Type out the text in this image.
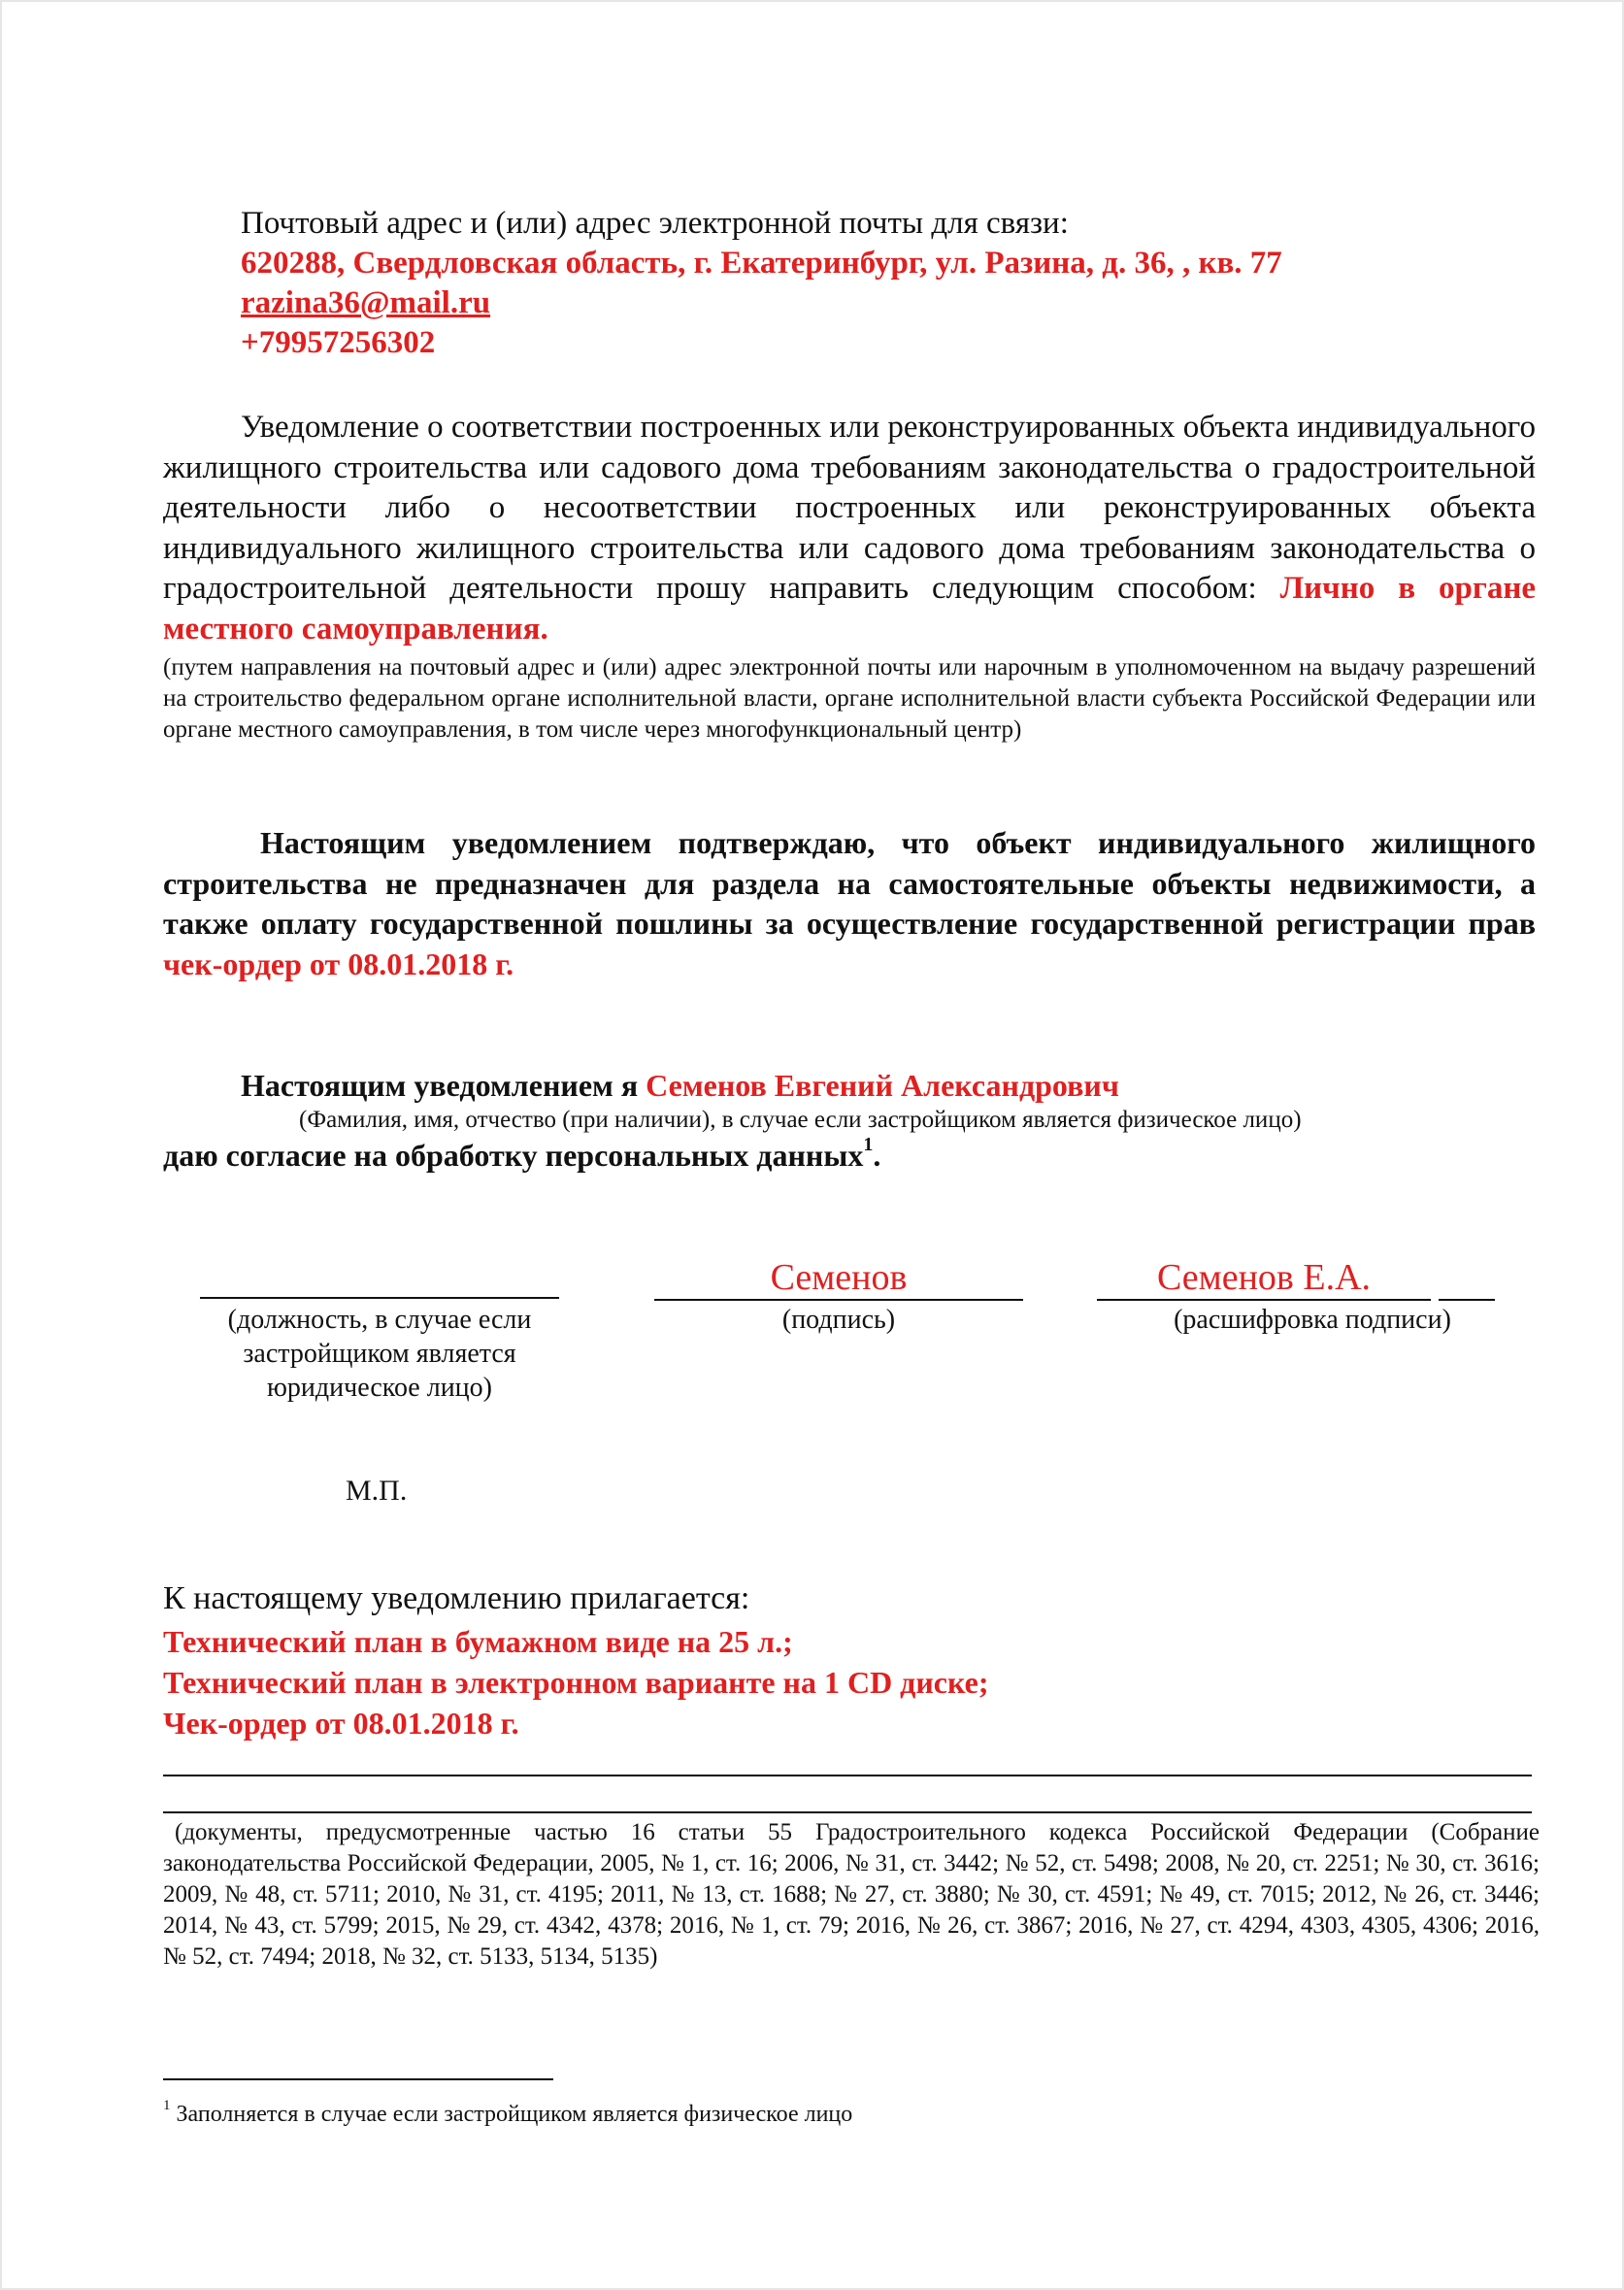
Почтовый адрес и (или) адрес электронной почты для связи:
620288, Свердловская область, г. Екатеринбург, ул. Разина, д. 36, , кв. 77
razina36@mail.ru
+79957256302
Уведомление о соответствии построенных или реконструированных объекта индивидуального жилищного строительства или садового дома требованиям законодательства о градостроительной деятельности либо о несоответствии построенных или реконструированных объекта индивидуального жилищного строительства или садового дома требованиям законодательства о градостроительной деятельности прошу направить следующим способом: Лично в органе местного самоуправления.
(путем направления на почтовый адрес и (или) адрес электронной почты или нарочным в уполномоченном на выдачу разрешений на строительство федеральном органе исполнительной власти, органе исполнительной власти субъекта Российской Федерации или органе местного самоуправления, в том числе через многофункциональный центр)
Настоящим уведомлением подтверждаю, что объект индивидуального жилищного строительства не предназначен для раздела на самостоятельные объекты недвижимости, а также оплату государственной пошлины за осуществление государственной регистрации прав чек-ордер от 08.01.2018 г.
Настоящим уведомлением я Семенов Евгений Александрович
(Фамилия, имя, отчество (при наличии), в случае если застройщиком является физическое лицо)
даю согласие на обработку персональных данных$^1$.
(должность, в случае если застройщиком является юридическое лицо)
Семенов
(подпись)
Семенов Е.А.
(расшифровка подписи)
М.П.
К настоящему уведомлению прилагается:
Технический план в бумажном виде на 25 л.;
Технический план в электронном варианте на 1 CD диске;
Чек-ордер от 08.01.2018 г.
(документы, предусмотренные частью 16 статьи 55 Градостроительного кодекса Российской Федерации (Собрание законодательства Российской Федерации, 2005, № 1, ст. 16; 2006, № 31, ст. 3442; № 52, ст. 5498; 2008, № 20, ст. 2251; № 30, ст. 3616; 2009, № 48, ст. 5711; 2010, № 31, ст. 4195; 2011, № 13, ст. 1688; № 27, ст. 3880; № 30, ст. 4591; № 49, ст. 7015; 2012, № 26, ст. 3446; 2014, № 43, ст. 5799; 2015, № 29, ст. 4342, 4378; 2016, № 1, ст. 79; 2016, № 26, ст. 3867; 2016, № 27, ст. 4294, 4303, 4305, 4306; 2016, № 52, ст. 7494; 2018, № 32, ст. 5133, 5134, 5135)
$^1$ Заполняется в случае если застройщиком является физическое лицо
